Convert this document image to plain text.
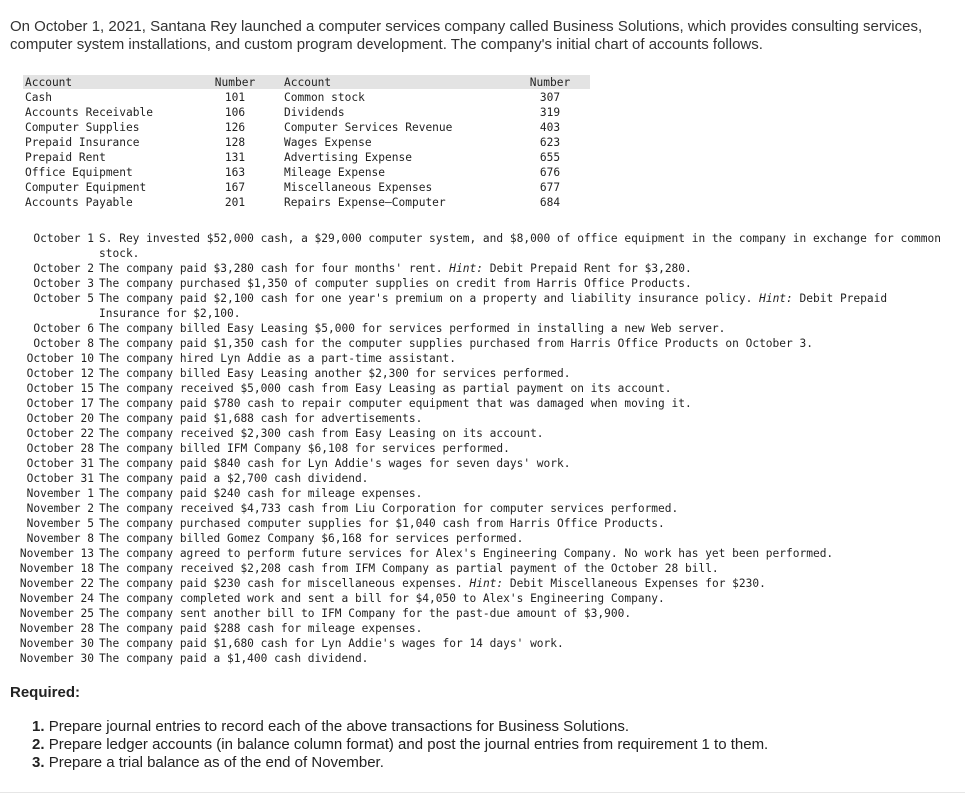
On October 1, 2021, Santana Rey launched a computer services company called Business Solutions, which provides consulting services, computer system installations, and custom program development. The company's initial chart of accounts follows.
Account
Cash
Accounts Receivable
Computer Supplies
Prepaid Insurance
Prepaid Rent
Office Equipment
Computer Equipment
Accounts Payable
Number
101
106
126
128
131
163
167
201
Account
Common stock
Dividends
Computer Services Revenue
Wages Expense
Advertising Expense
Mileage Expense
Miscellaneous Expenses
Repairs Expense—Computer
Number
307
319
403
623
655
676
677
684
October 1 S. Rey invested $52,000 cash, a $29,000 computer system, and $8,000 of office equipment in the company in exchange for common stock.
October 2 The company paid $3,280 cash for four months' rent. Hint: Debit Prepaid Rent for $3,280.
October 3 The company purchased $1,350 of computer supplies on credit from Harris Office Products.
October 5 The company paid $2,100 cash for one year's premium on a property and liability insurance policy. Hint: Debit Prepaid Insurance for $2,100.
October 6 The company billed Easy Leasing $5,000 for services performed in installing a new Web server.
October 8 The company paid $1,350 cash for the computer supplies purchased from Harris Office Products on October 3.
October 10 The company hired Lyn Addie as a part-time assistant.
October 12 The company billed Easy Leasing another $2,300 for services performed.
October 15 The company received $5,000 cash from Easy Leasing as partial payment on its account.
October 17 The company paid $780 cash to repair computer equipment that was damaged when moving it.
October 20 The company paid $1,688 cash for advertisements.
October 22 The company received $2,300 cash from Easy Leasing on its account.
October 28 The company billed IFM Company $6,108 for services performed.
October 31 The company paid $840 cash for Lyn Addie's wages for seven days' work.
October 31 The company paid a $2,700 cash dividend.
November 1 The company paid $240 cash for mileage expenses.
November 2 The company received $4,733 cash from Liu Corporation for computer services performed.
November 5 The company purchased computer supplies for $1,040 cash from Harris Office Products.
November 8 The company billed Gomez Company $6,168 for services performed.
November 13 The company agreed to perform future services for Alex's Engineering Company. No work has yet been performed.
November 18 The company received $2,208 cash from IFM Company as partial payment of the October 28 bill.
November 22 The company paid $230 cash for miscellaneous expenses. Hint: Debit Miscellaneous Expenses for $230.
November 24 The company completed work and sent a bill for $4,050 to Alex's Engineering Company.
November 25 The company sent another bill to IFM Company for the past-due amount of $3,900.
November 28 The company paid $288 cash for mileage expenses.
November 30 The company paid $1,680 cash for Lyn Addie's wages for 14 days' work.
November 30 The company paid a $1,400 cash dividend.
Required:
1. Prepare journal entries to record each of the above transactions for Business Solutions.
2. Prepare ledger accounts (in balance column format) and post the journal entries from requirement 1 to them.
3. Prepare a trial balance as of the end of November.
